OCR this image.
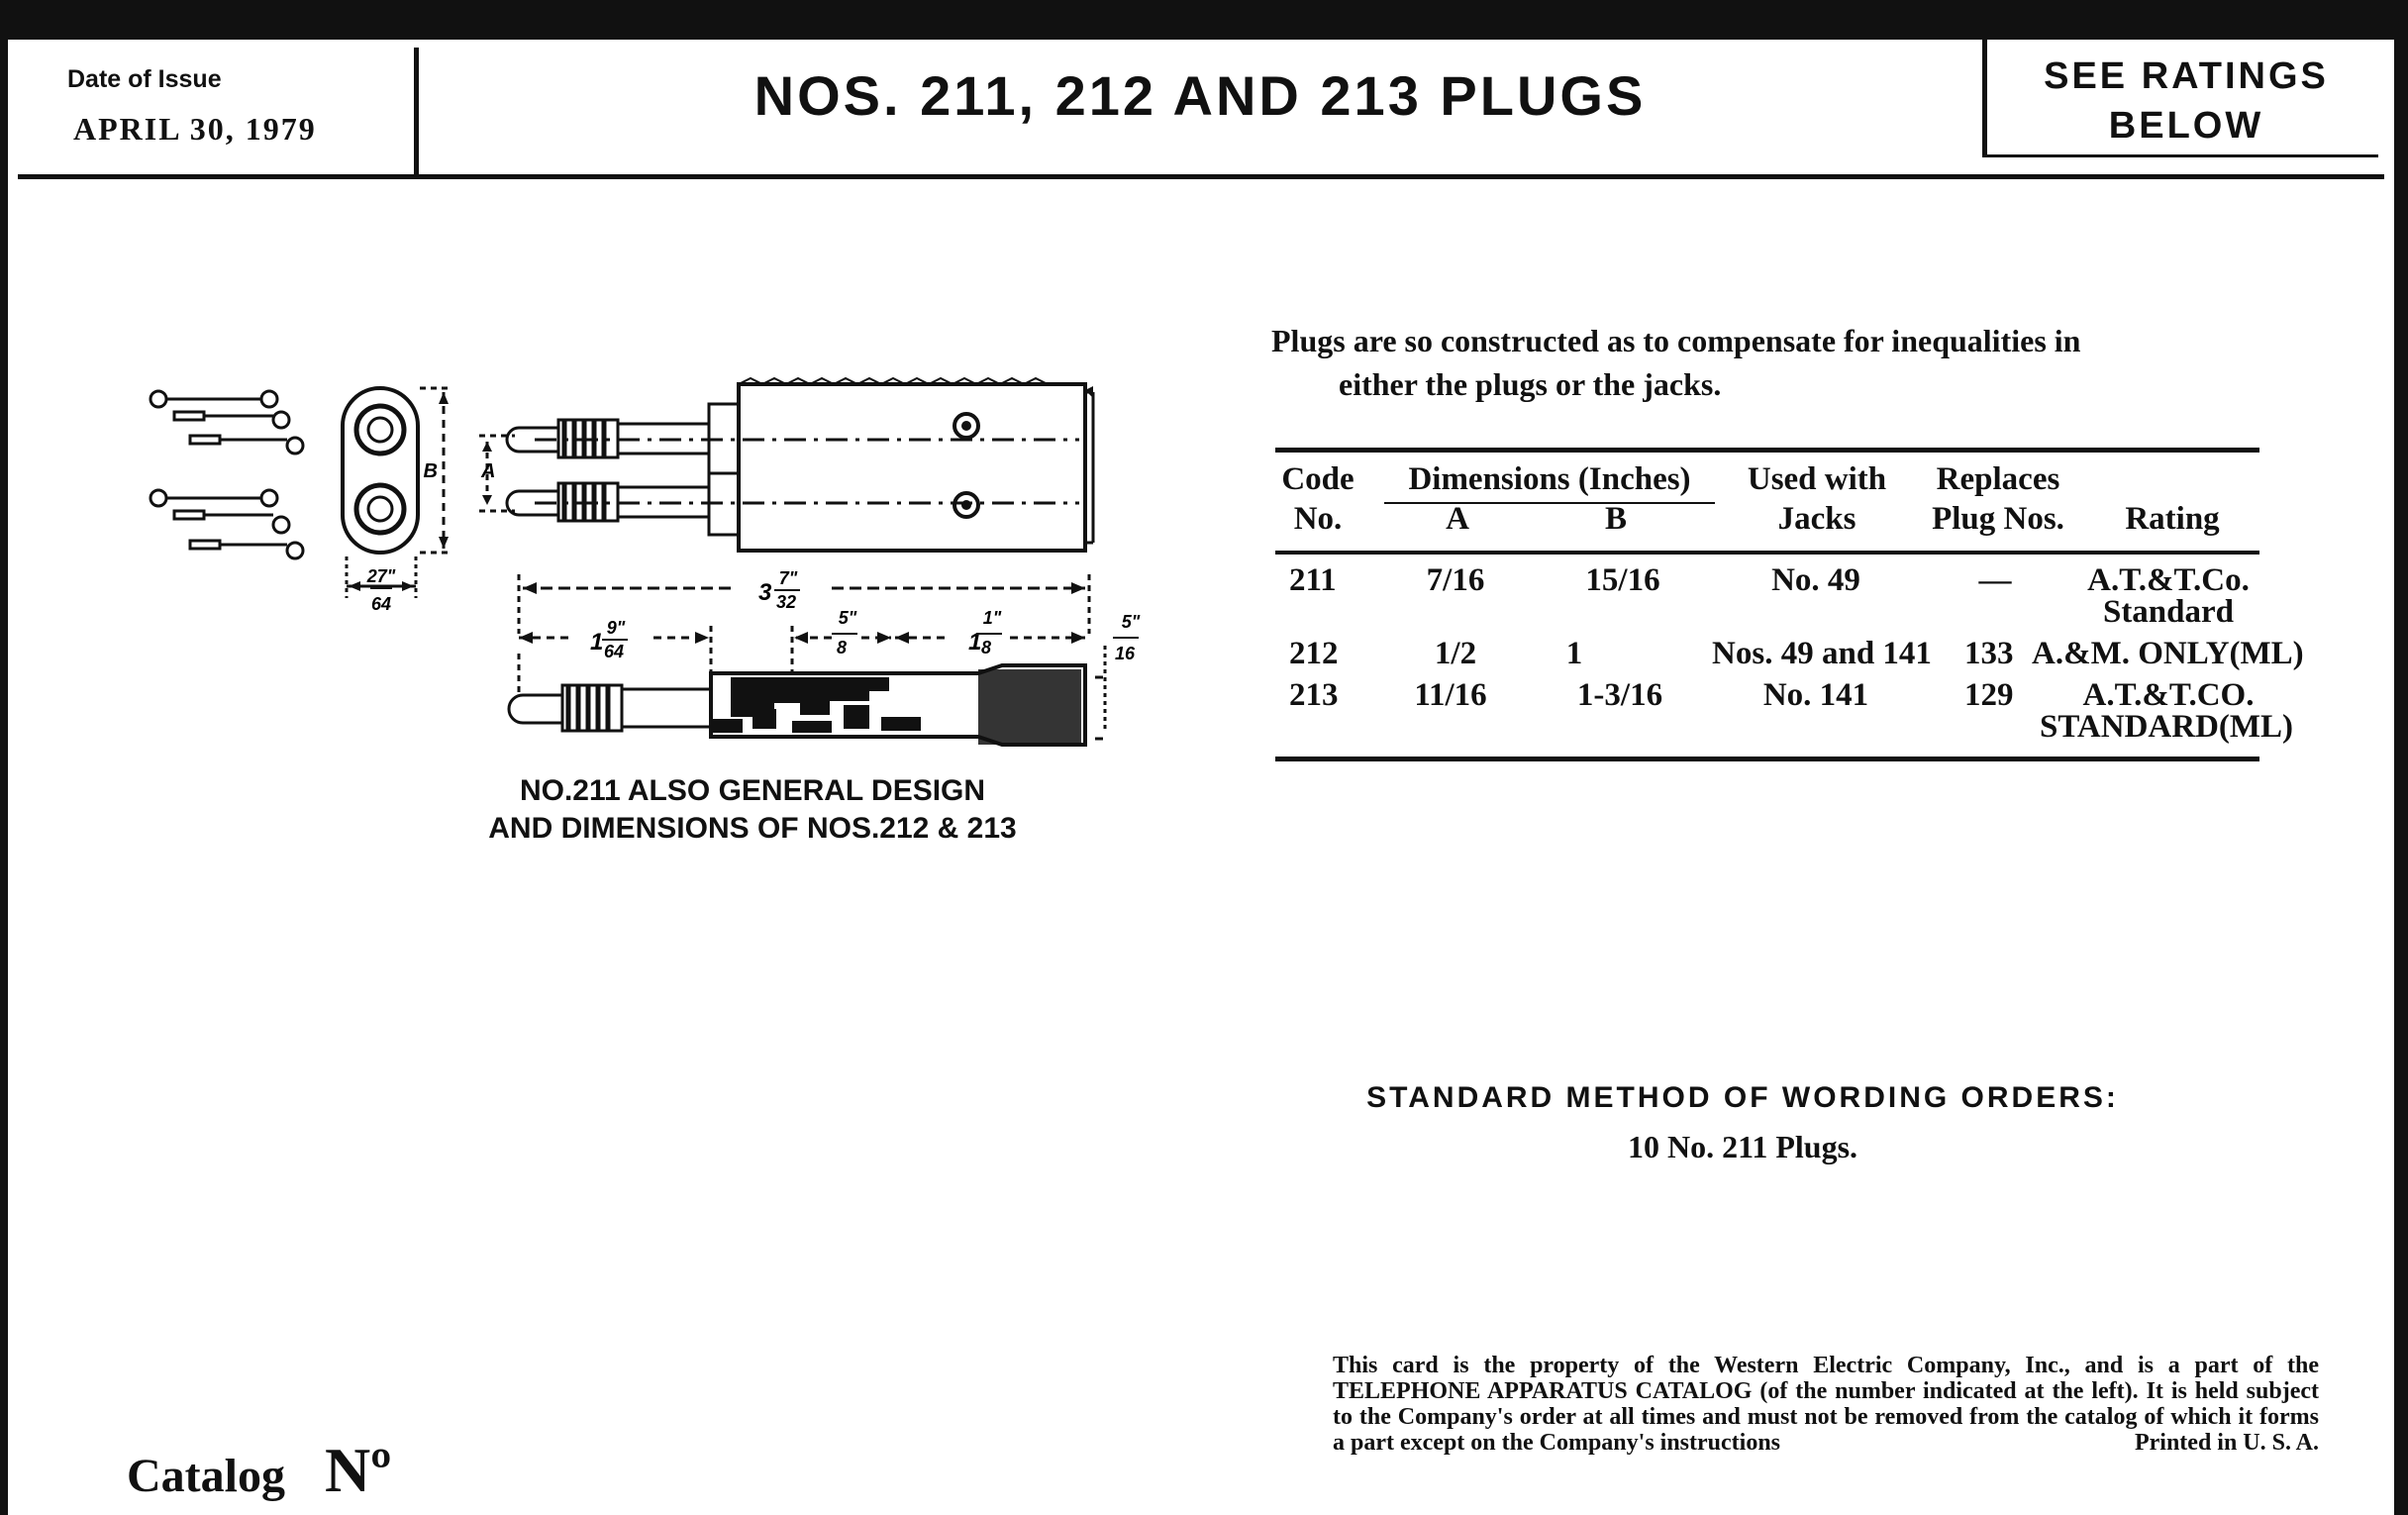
Date of Issue
APRIL 30, 1979
NOS. 211, 212 AND 213 PLUGS	SEE RATINGS
BELOW
Plugs are so constructed as to compensate for inequalities in
either the plugs or the jacks.
Code
No.
Dimensions (Inches)
A	B
Used with
Jacks
Replaces
Plug Nos.	Rating
211	7/16	15/16	No. 49	—	A.T.&T.Co.
Standard
212	1/2	1	Nos. 49 and 141	133 A.&M. ONLY(ML)
213	11/16	1-3/16	No. 141	129	A.T.&T.CO.
STANDARD(ML)
B A
27"
64	3
7"
32
1
9"
64
5"
8	1
1"
8
5"
16
NO.211 ALSO GENERAL DESIGN
AND DIMENSIONS OF NOS.212 & 213
STANDARD METHOD OF WORDING ORDERS:
10 No. 211 Plugs.
This card is the property of the Western Electric Company, Inc., and is a part of the TELEPHONE APPARATUS CATALOG (of the number indicated at the left). It is held subject to the Company's order at all times and must not be removed from the catalog of which it forms a part except on the Company's instructions	Printed in U. S. A.
Catalog Nº
